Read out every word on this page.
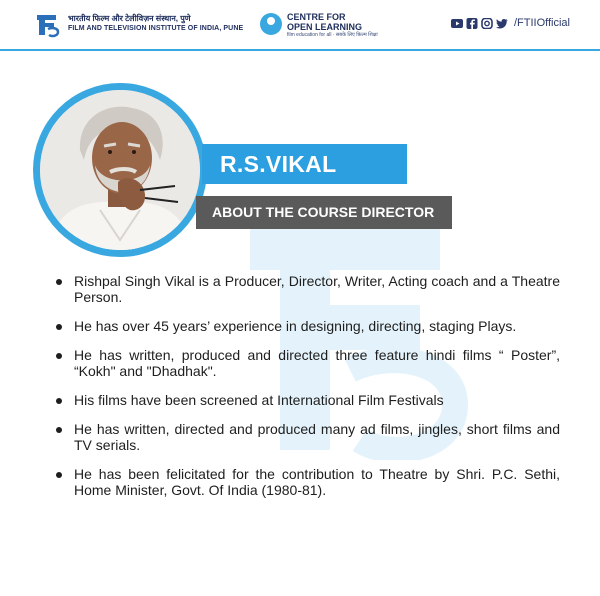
भारतीय फिल्म और टेलीविज़न संस्थान, पुणे
FILM AND TELEVISION INSTITUTE OF INDIA, PUNE
CENTRE FOR
OPEN LEARNING
film education for all · सबके लिए फ़िल्म शिक्षा
/FTIIOfficial
R.S.VIKAL
ABOUT THE COURSE DIRECTOR
Rishpal Singh Vikal is a Producer, Director, Writer, Acting coach and a Theatre Person.
He has over 45 years’ experience in designing, directing, staging Plays.
He has written, produced and directed three feature hindi films “ Poster”, “Kokh" and "Dhadhak".
His films have been screened at International Film Festivals
He has written, directed and produced many ad films, jingles, short films and TV serials.
He has been felicitated for the contribution to Theatre by Shri. P.C. Sethi, Home Minister, Govt. Of India (1980-81).
